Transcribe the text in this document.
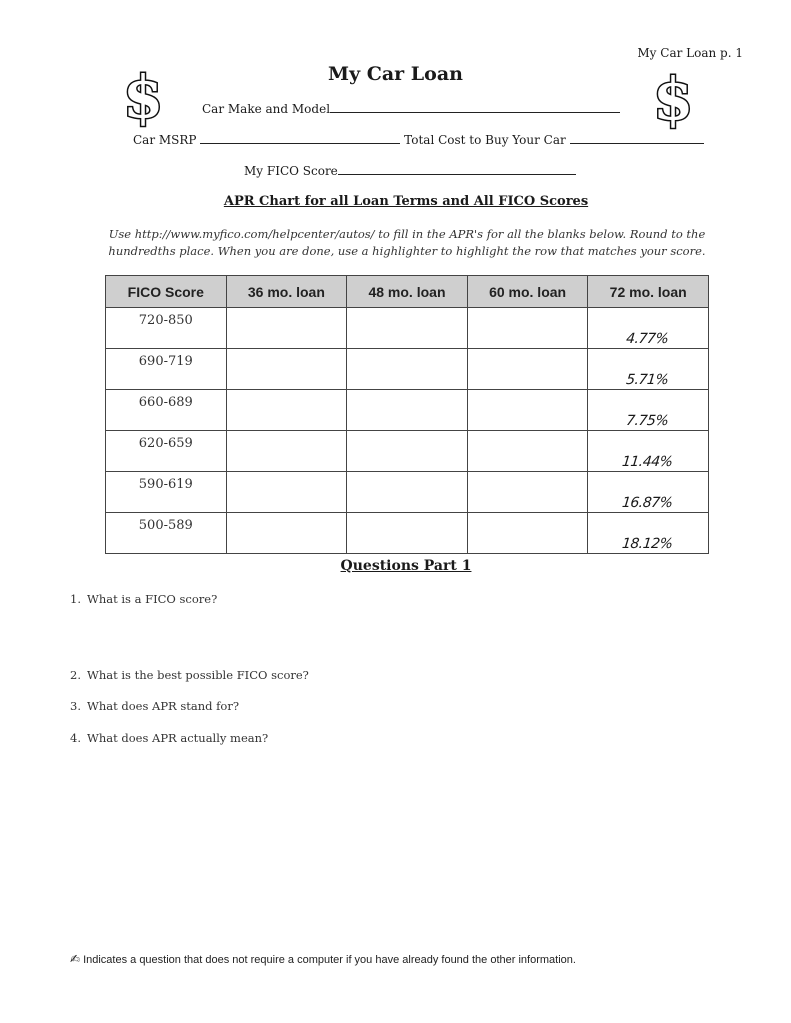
My Car Loan p. 1
$	$
My Car Loan
Car Make and Model
Car MSRP	Total Cost to Buy Your Car
My FICO Score
APR Chart for all Loan Terms and All FICO Scores
Use http://www.myfico.com/helpcenter/autos/ to fill in the APR's for all the blanks below. Round to the hundredths place. When you are done, use a highlighter to highlight the row that matches your score.
FICO Score	36 mo. loan	48 mo. loan	60 mo. loan	72 mo. loan
720-850				4.77%
690-719				5.71%
660-689				7.75%
620-659				11.44%
590-619				16.87%
500-589				18.12%
Questions Part 1
1. What is a FICO score?
2. What is the best possible FICO score?
3. What does APR stand for?
4. What does APR actually mean?
✍ Indicates a question that does not require a computer if you have already found the other information.
